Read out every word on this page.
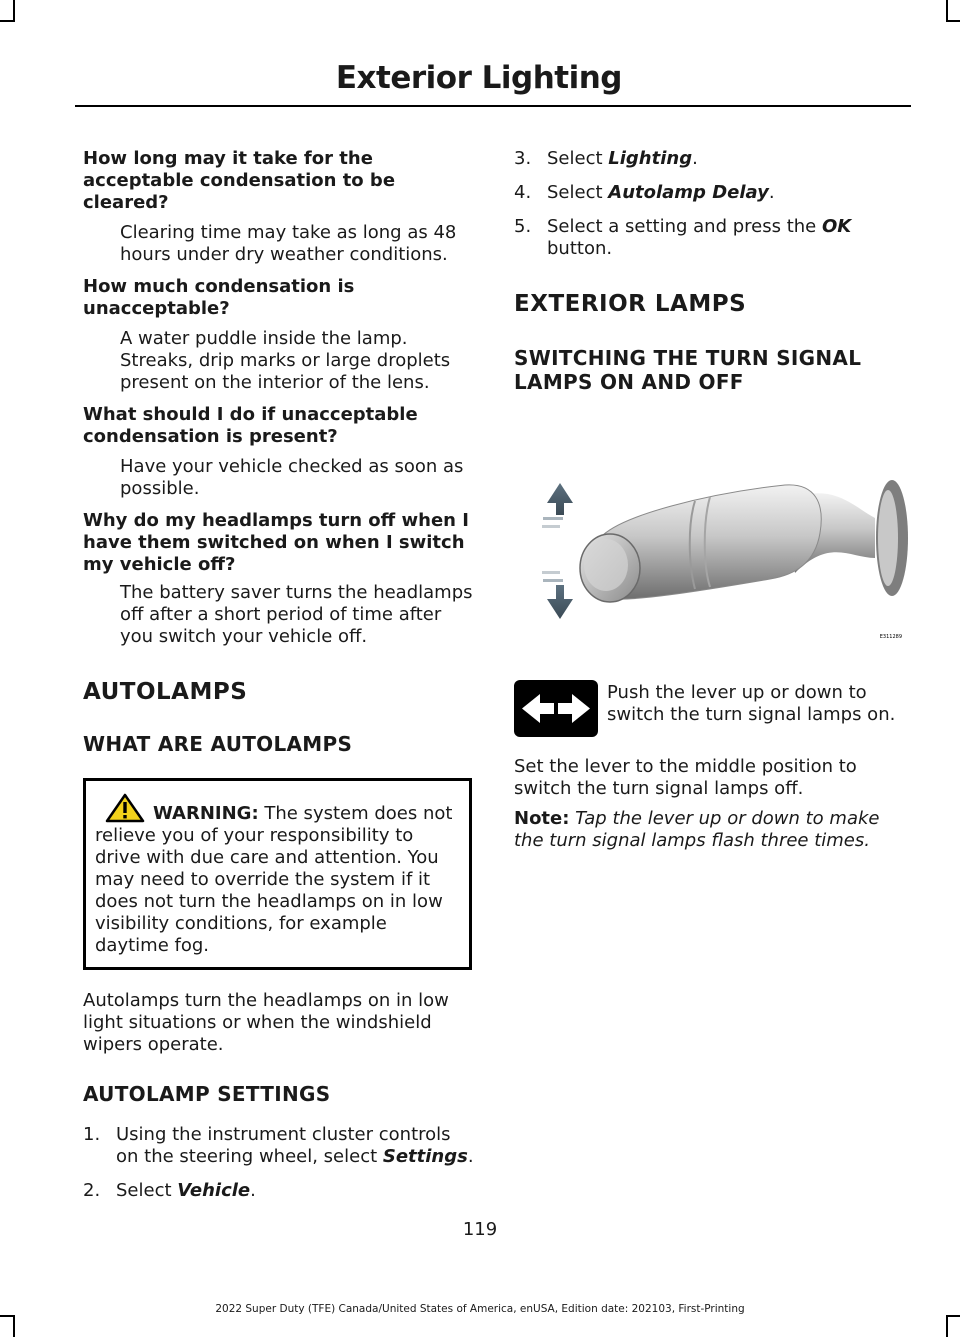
Exterior Lighting
How long may it take for the acceptable condensation to be cleared?
Clearing time may take as long as 48 hours under dry weather conditions.
How much condensation is unacceptable?
A water puddle inside the lamp. Streaks, drip marks or large droplets present on the interior of the lens.
What should I do if unacceptable condensation is present?
Have your vehicle checked as soon as possible.
Why do my headlamps turn off when I have them switched on when I switch my vehicle off?
The battery saver turns the headlamps off after a short period of time after you switch your vehicle off.
AUTOLAMPS
WHAT ARE AUTOLAMPS
WARNING: The system does not relieve you of your responsibility to drive with due care and attention. You may need to override the system if it does not turn the headlamps on in low visibility conditions, for example daytime fog.
Autolamps turn the headlamps on in low light situations or when the windshield wipers operate.
AUTOLAMP SETTINGS
1. Using the instrument cluster controls on the steering wheel, select Settings.
2. Select Vehicle.
3. Select Lighting.
4. Select Autolamp Delay.
5. Select a setting and press the OK button.
EXTERIOR LAMPS
SWITCHING THE TURN SIGNAL LAMPS ON AND OFF
E311289
Push the lever up or down to switch the turn signal lamps on.
Set the lever to the middle position to switch the turn signal lamps off.
Note: Tap the lever up or down to make the turn signal lamps flash three times.
119
2022 Super Duty (TFE) Canada/United States of America, enUSA, Edition date: 202103, First-Printing
